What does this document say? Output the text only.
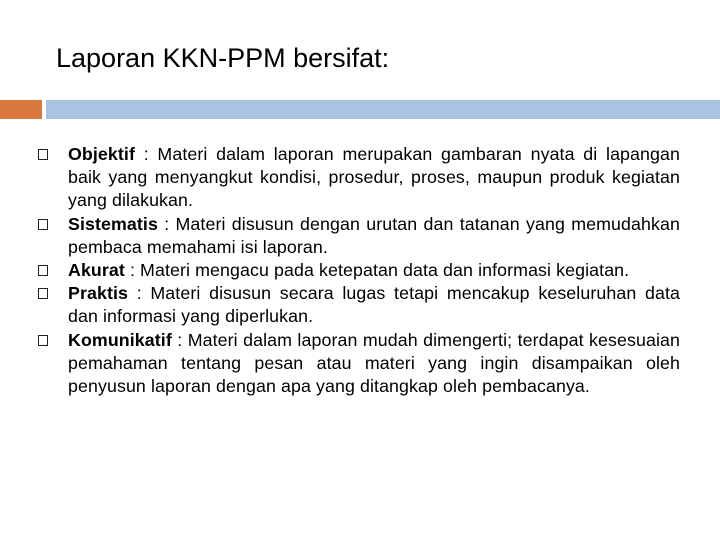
Laporan KKN-PPM bersifat:
Objektif : Materi dalam laporan merupakan gambaran nyata di lapangan baik yang menyangkut kondisi, prosedur, proses, maupun produk kegiatan yang dilakukan.
Sistematis : Materi disusun dengan urutan dan tatanan yang memudahkan pembaca memahami isi laporan.
Akurat : Materi mengacu pada ketepatan data dan informasi kegiatan.
Praktis : Materi disusun secara lugas tetapi mencakup keseluruhan data dan informasi yang diperlukan.
Komunikatif : Materi dalam laporan mudah dimengerti; terdapat kesesuaian pemahaman tentang pesan atau materi yang ingin disampaikan oleh penyusun laporan dengan apa yang ditangkap oleh pembacanya.
